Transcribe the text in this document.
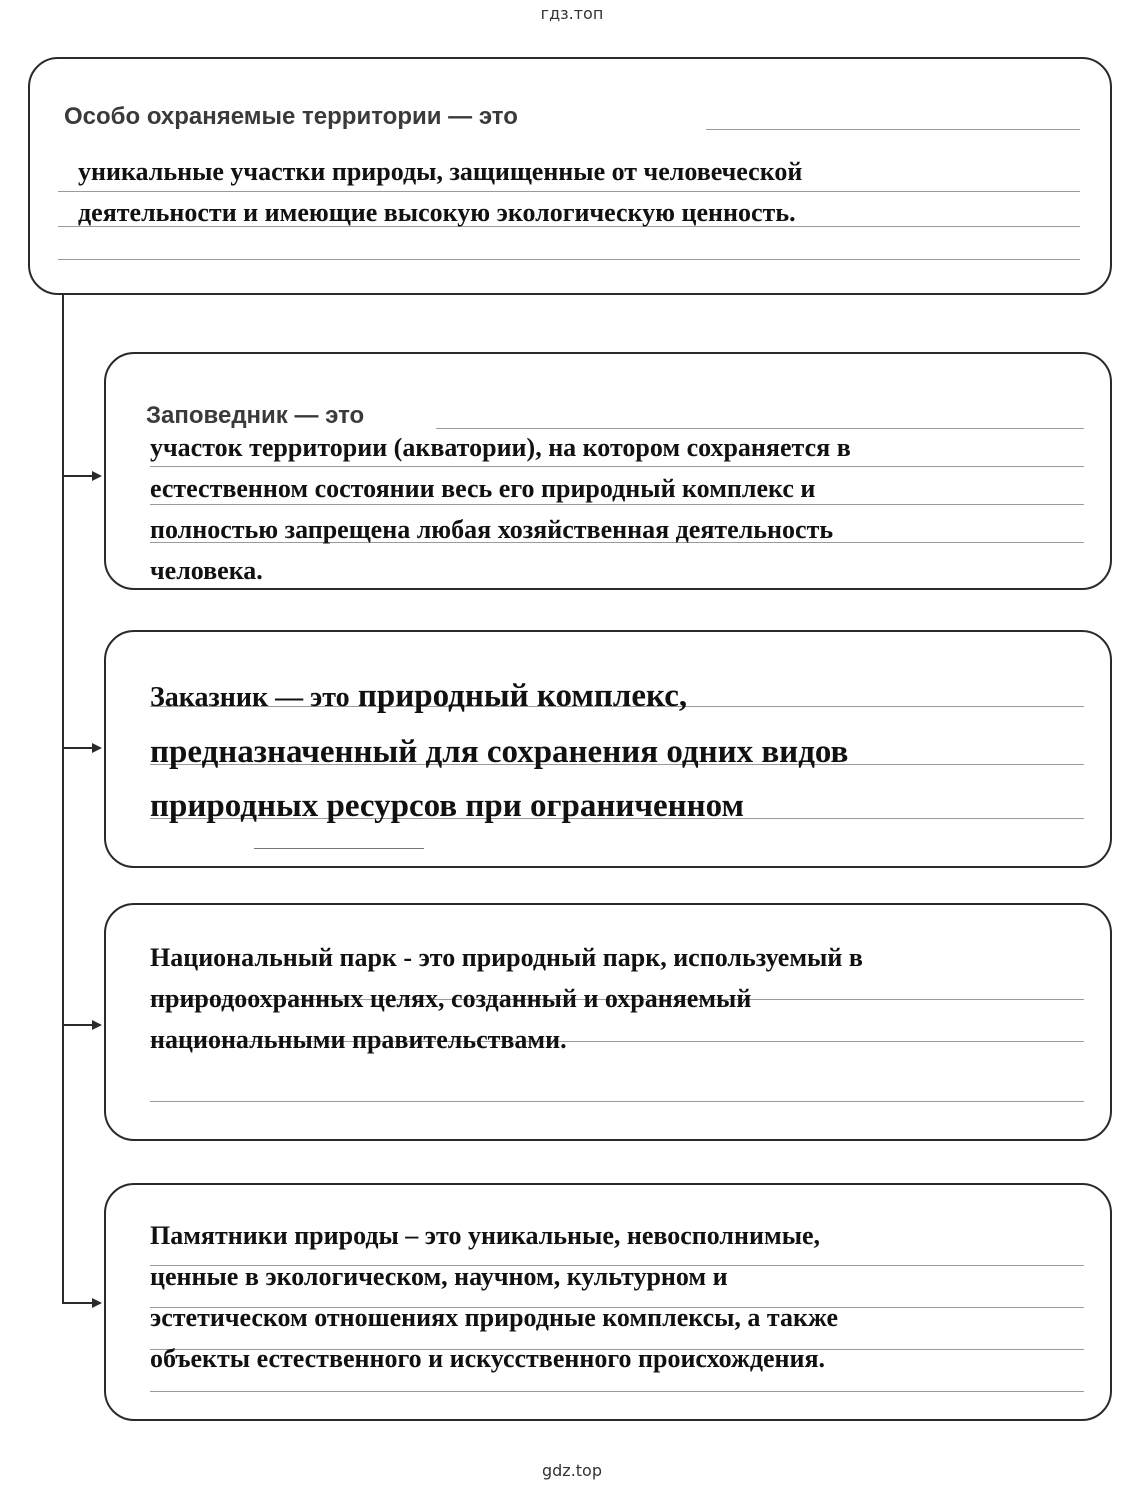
гдз.топ
Особо охраняемые территории — это
уникальные участки природы, защищенные от человеческой
деятельности и имеющие высокую экологическую ценность.
Заповедник — это
участок территории (акватории), на котором сохраняется в
естественном состоянии весь его природный комплекс и
полностью запрещена любая хозяйственная деятельность
человека.
Заказник — это природный комплекс,
предназначенный для сохранения одних видов
природных ресурсов при ограниченном
Национальный парк - это природный парк, используемый в
природоохранных целях, созданный и охраняемый
национальными правительствами.
Памятники природы – это уникальные, невосполнимые,
ценные в экологическом, научном, культурном и
эстетическом отношениях природные комплексы, а также
объекты естественного и искусственного происхождения.
gdz.top
